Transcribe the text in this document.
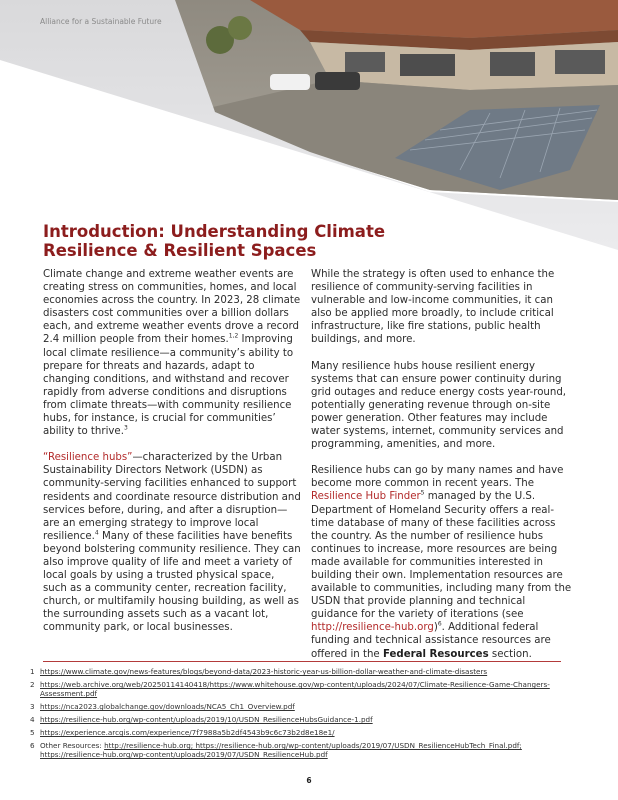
Alliance for a Sustainable Future
Introduction: Understanding Climate Resilience & Resilient Spaces

Climate change and extreme weather events are creating stress on communities, homes, and local economies across the country. In 2023, 28 climate disasters cost communities over a billion dollars each, and extreme weather events drove a record 2.4 million people from their homes.$^{1,2}$ Improving local climate resilience—a community’s ability to prepare for threats and hazards, adapt to changing conditions, and withstand and recover rapidly from adverse conditions and disruptions from climate threats—with community resilience hubs, for instance, is crucial for communities’ ability to thrive.$^3$

“Resilience hubs”—characterized by the Urban Sustainability Directors Network (USDN) as community-serving facilities enhanced to support residents and coordinate resource distribution and services before, during, and after a disruption—are an emerging strategy to improve local resilience.$^4$ Many of these facilities have benefits beyond bolstering community resilience. They can also improve quality of life and meet a variety of local goals by using a trusted physical space, such as a community center, recreation facility, church, or multifamily housing building, as well as the surrounding assets such as a vacant lot, community park, or local businesses.

While the strategy is often used to enhance the resilience of community-serving facilities in vulnerable and low-income communities, it can also be applied more broadly, to include critical infrastructure, like fire stations, public health buildings, and more.

Many resilience hubs house resilient energy systems that can ensure power continuity during grid outages and reduce energy costs year-round, potentially generating revenue through on-site power generation. Other features may include water systems, internet, community services and programming, amenities, and more.

Resilience hubs can go by many names and have become more common in recent years. The Resilience Hub Finder$^5$ managed by the U.S. Department of Homeland Security offers a real-time database of many of these facilities across the country. As the number of resilience hubs continues to increase, more resources are being made available for communities interested in building their own. Implementation resources are available to communities, including many from the USDN that provide planning and technical guidance for the variety of iterations (see http://resilience-hub.org)$^6$. Additional federal funding and technical assistance resources are offered in the Federal Resources section.

1 https://www.climate.gov/news-features/blogs/beyond-data/2023-historic-year-us-billion-dollar-weather-and-climate-disasters
2 https://web.archive.org/web/20250114140418/https://www.whitehouse.gov/wp-content/uploads/2024/07/Climate-Resilience-Game-Changers-Assessment.pdf
3 https://nca2023.globalchange.gov/downloads/NCA5_Ch1_Overview.pdf
4 https://resilience-hub.org/wp-content/uploads/2019/10/USDN_ResilienceHubsGuidance-1.pdf
5 https://experience.arcgis.com/experience/7f7988a5b2df4543b9c6c73b2d8e18e1/
6 Other Resources: http://resilience-hub.org; https://resilience-hub.org/wp-content/uploads/2019/07/USDN_ResilienceHubTech_Final.pdf; https://resilience-hub.org/wp-content/uploads/2019/07/USDN_ResilienceHub.pdf
6
